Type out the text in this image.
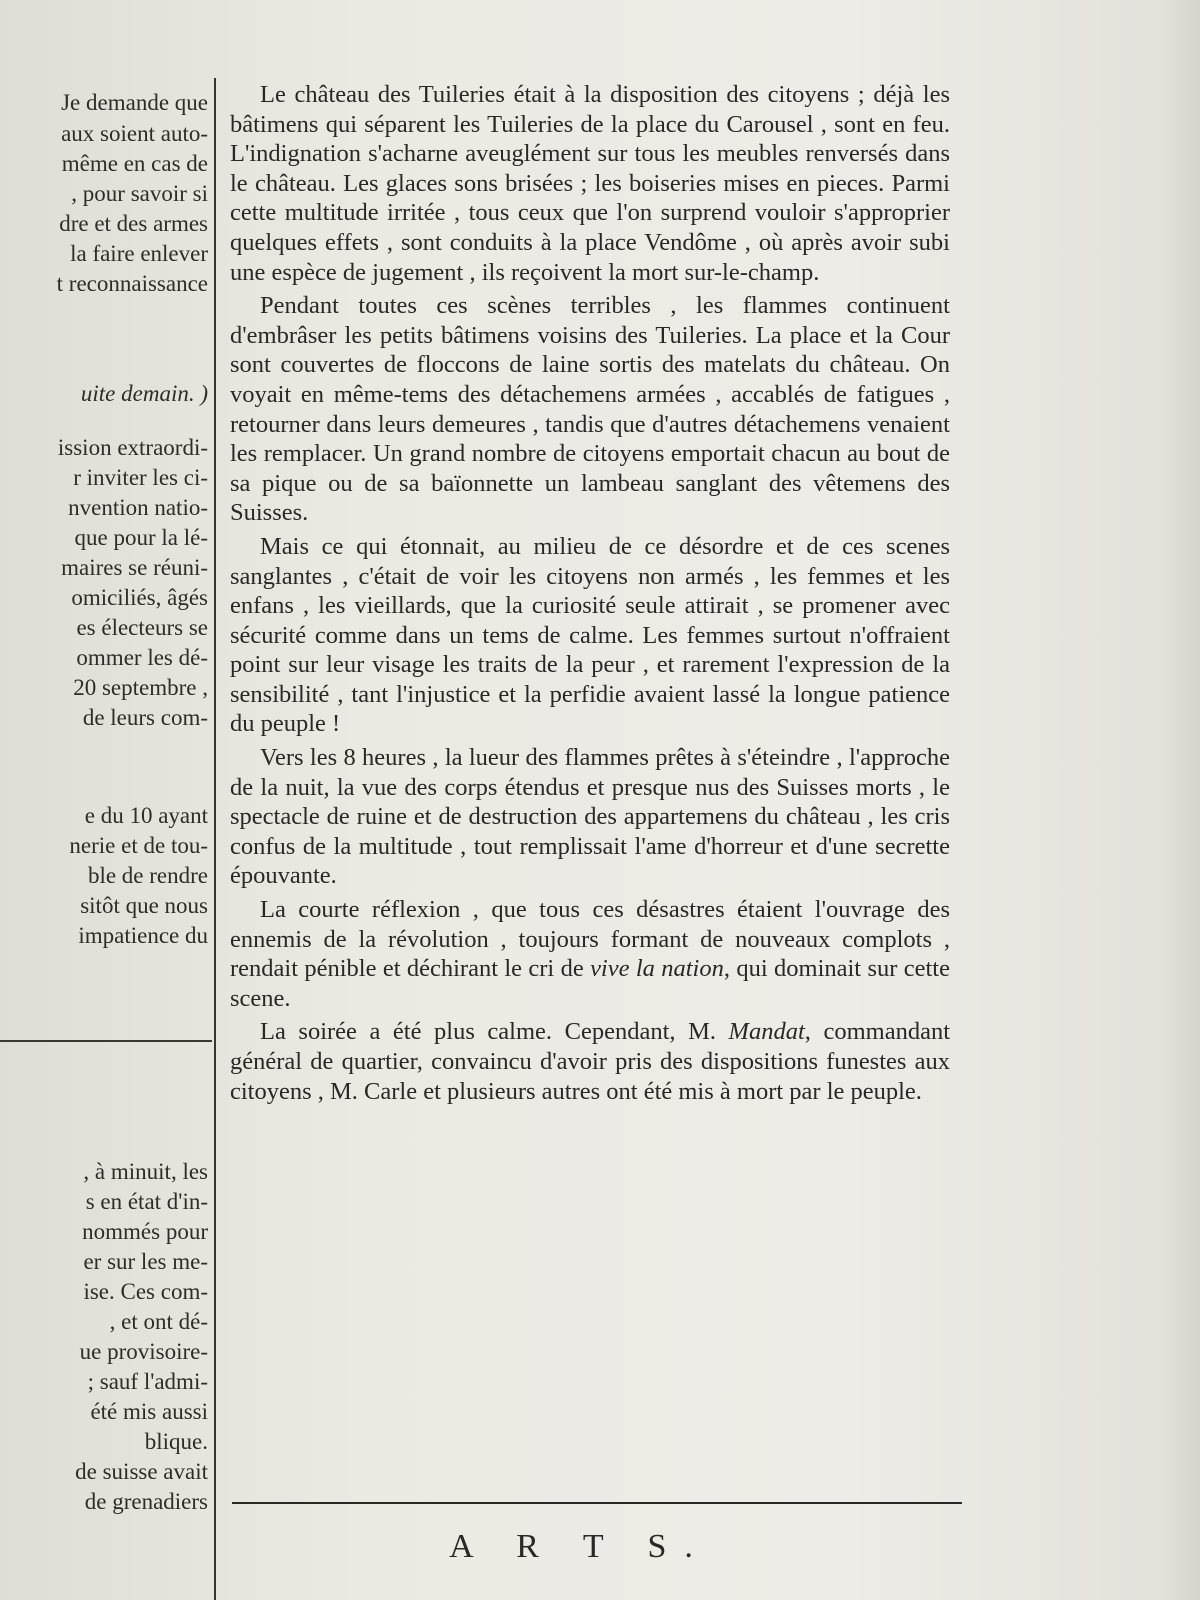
Je demande que
aux soient auto-
même en cas de
, pour savoir si
dre et des armes
la faire enlever
t reconnaissance
uite demain. )
ission extraordi-
r inviter les ci-
nvention natio-
que pour la lé-
maires se réuni-
omiciliés, âgés
es électeurs se
ommer les dé-
20 septembre ,
de leurs com-
e du 10 ayant
nerie et de tou-
ble de rendre
sitôt que nous
impatience du
, à minuit, les
s en état d'in-
nommés pour
er sur les me-
ise. Ces com-
, et ont dé-
ue provisoire-
; sauf l'admi-
été mis aussi
blique.
de suisse avait
de grenadiers

Le château des Tuileries était à la disposition des citoyens ; déjà les bâtimens qui séparent les Tuileries de la place du Carousel , sont en feu. L'indignation s'acharne aveuglément sur tous les meubles renversés dans le château. Les glaces sons brisées ; les boiseries mises en pieces. Parmi cette multitude irritée , tous ceux que l'on surprend vouloir s'approprier quelques effets , sont conduits à la place Vendôme , où après avoir subi une espèce de jugement , ils reçoivent la mort sur-le-champ.

Pendant toutes ces scènes terribles , les flammes continuent d'embrâser les petits bâtimens voisins des Tuileries. La place et la Cour sont couvertes de floccons de laine sortis des matelats du château. On voyait en même-tems des détachemens armées , accablés de fatigues , retourner dans leurs demeures , tandis que d'autres détachemens venaient les remplacer. Un grand nombre de citoyens emportait chacun au bout de sa pique ou de sa baïonnette un lambeau sanglant des vêtemens des Suisses.

Mais ce qui étonnait, au milieu de ce désordre et de ces scenes sanglantes , c'était de voir les citoyens non armés , les femmes et les enfans , les vieillards, que la curiosité seule attirait , se promener avec sécurité comme dans un tems de calme. Les femmes surtout n'offraient point sur leur visage les traits de la peur , et rarement l'expression de la sensibilité , tant l'injustice et la perfidie avaient lassé la longue patience du peuple !

Vers les 8 heures , la lueur des flammes prêtes à s'éteindre , l'approche de la nuit, la vue des corps étendus et presque nus des Suisses morts , le spectacle de ruine et de destruction des appartemens du château , les cris confus de la multitude , tout remplissait l'ame d'horreur et d'une secrette épouvante.

La courte réflexion , que tous ces désastres étaient l'ouvrage des ennemis de la révolution , toujours formant de nouveaux complots , rendait pénible et déchirant le cri de vive la nation, qui dominait sur cette scene.

La soirée a été plus calme. Cependant, M. Mandat, commandant général de quartier, convaincu d'avoir pris des dispositions funestes aux citoyens , M. Carle et plusieurs autres ont été mis à mort par le peuple.

A R T S.
